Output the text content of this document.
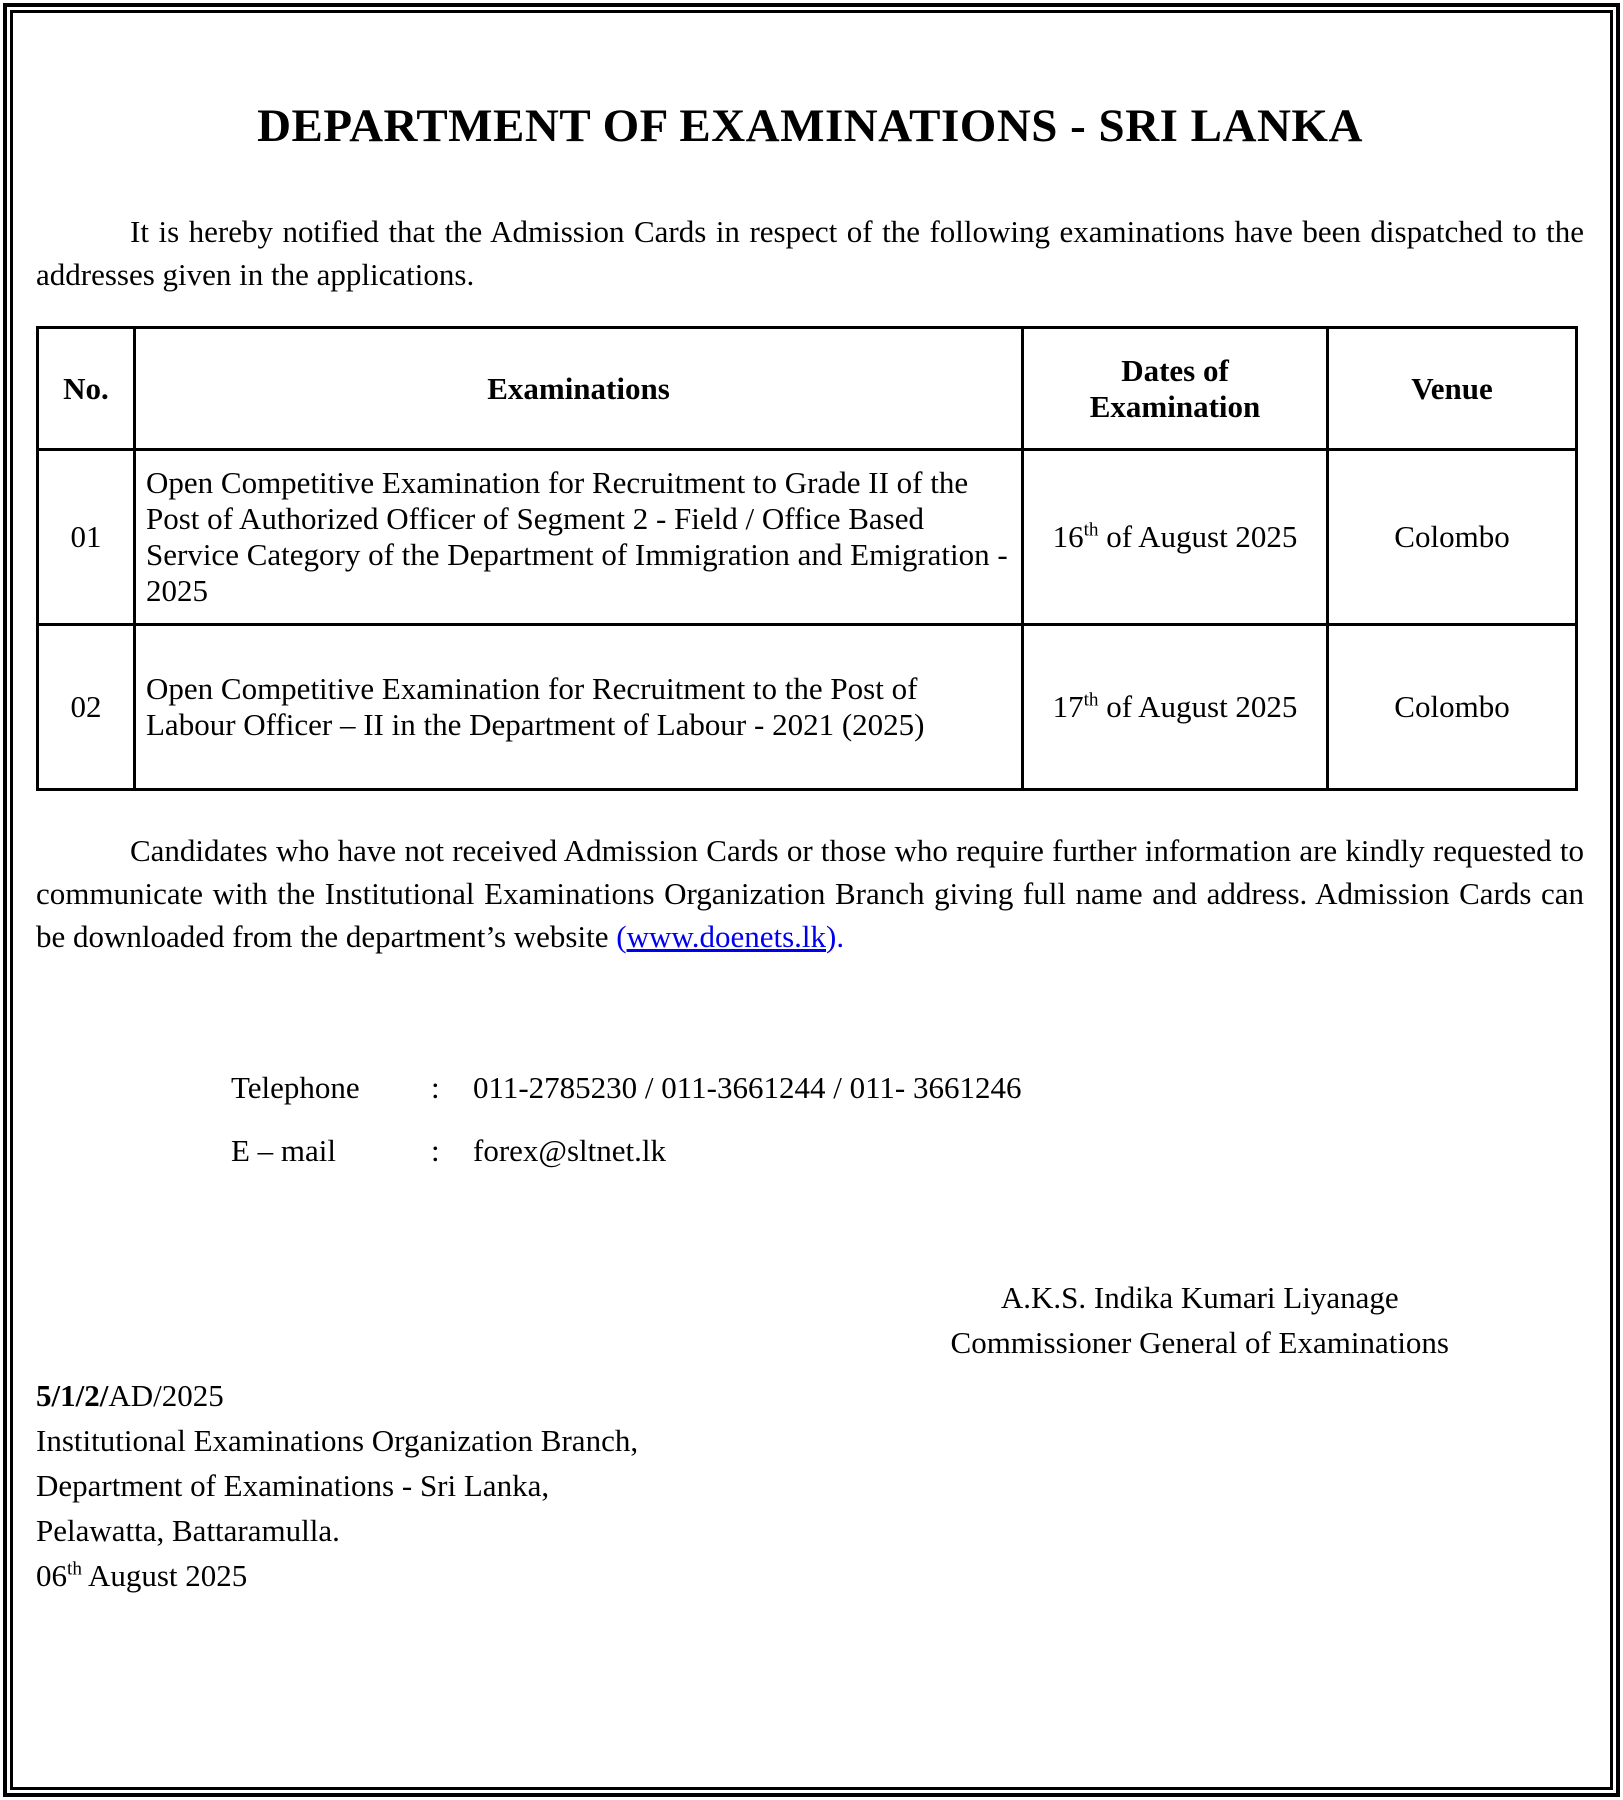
DEPARTMENT OF EXAMINATIONS - SRI LANKA

It is hereby notified that the Admission Cards in respect of the following examinations have been dispatched to the addresses given in the applications.

No.	Examinations	Dates of Examination	Venue
01	Open Competitive Examination for Recruitment to Grade II of the Post of Authorized Officer of Segment 2 - Field / Office Based Service Category of the Department of Immigration and Emigration - 2025	16th of August 2025	Colombo
02	Open Competitive Examination for Recruitment to the Post of Labour Officer – II in the Department of Labour - 2021 (2025)	17th of August 2025	Colombo

Candidates who have not received Admission Cards or those who require further information are kindly requested to communicate with the Institutional Examinations Organization Branch giving full name and address. Admission Cards can be downloaded from the department’s website (www.doenets.lk).

Telephone	:	011-2785230 / 011-3661244 / 011- 3661246
E – mail	:	forex@sltnet.lk
A.K.S. Indika Kumari Liyanage
Commissioner General of Examinations
5/1/2/AD/2025
Institutional Examinations Organization Branch,
Department of Examinations - Sri Lanka,
Pelawatta, Battaramulla.
06th August 2025
